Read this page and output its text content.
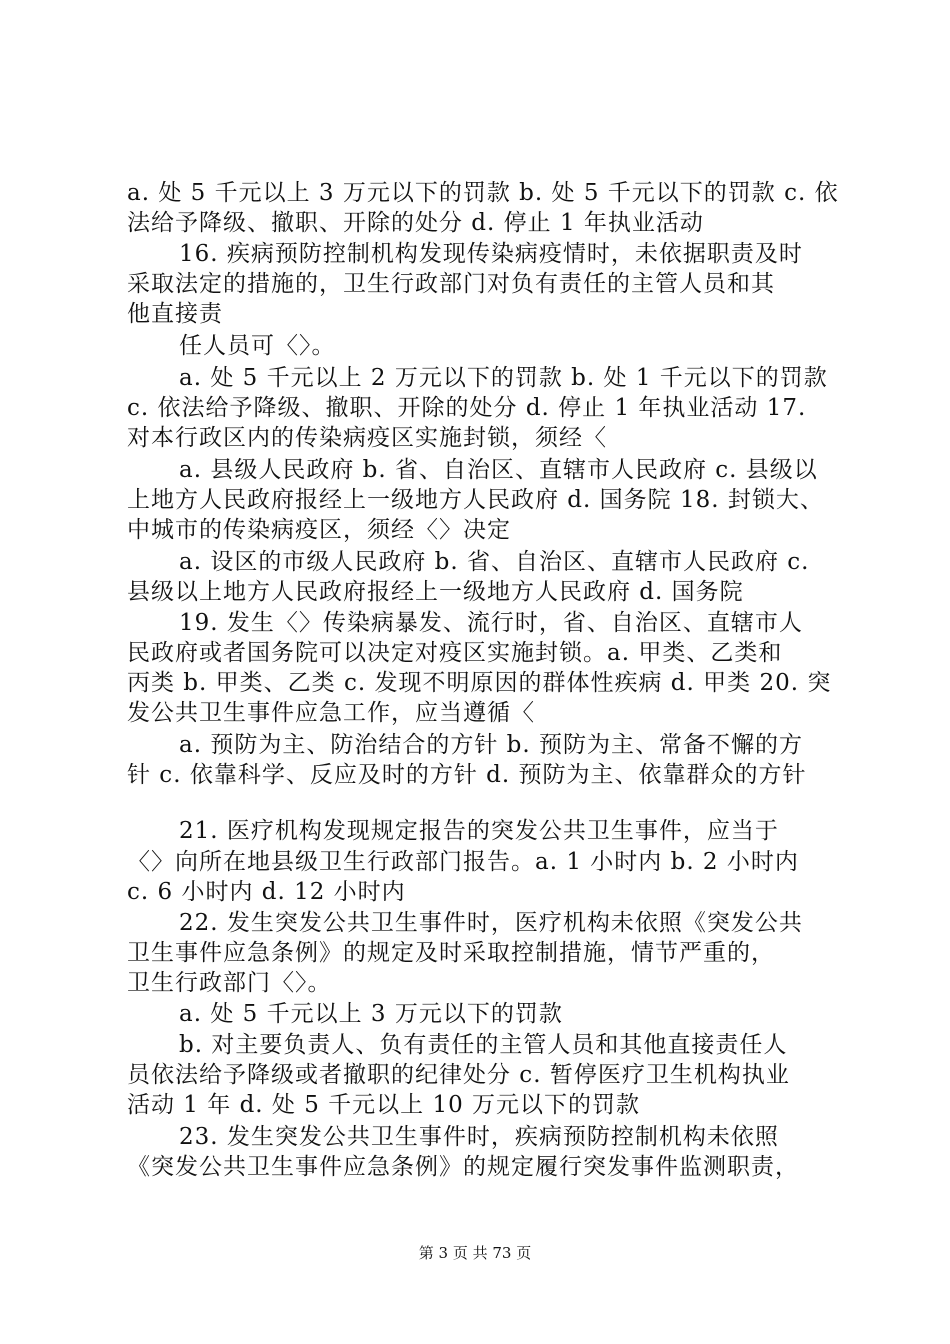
a. 处 5 千元以上 3 万元以下的罚款 b. 处 5 千元以下的罚款 c. 依
法给予降级、撤职、开除的处分 d. 停止 1 年执业活动
16. 疾病预防控制机构发现传染病疫情时，未依据职责及时
采取法定的措施的，卫生行政部门对负有责任的主管人员和其
他直接责
任人员可〈〉。
a. 处 5 千元以上 2 万元以下的罚款 b. 处 1 千元以下的罚款
c. 依法给予降级、撤职、开除的处分 d. 停止 1 年执业活动 17.
对本行政区内的传染病疫区实施封锁，须经〈
a. 县级人民政府 b. 省、自治区、直辖市人民政府 c. 县级以
上地方人民政府报经上一级地方人民政府 d. 国务院 18. 封锁大、
中城市的传染病疫区，须经〈〉决定
a. 设区的市级人民政府 b. 省、自治区、直辖市人民政府 c.
县级以上地方人民政府报经上一级地方人民政府 d. 国务院
19. 发生〈〉传染病暴发、流行时，省、自治区、直辖市人
民政府或者国务院可以决定对疫区实施封锁。a. 甲类、乙类和
丙类 b. 甲类、乙类 c. 发现不明原因的群体性疾病 d. 甲类 20. 突
发公共卫生事件应急工作，应当遵循〈
a. 预防为主、防治结合的方针 b. 预防为主、常备不懈的方
针 c. 依靠科学、反应及时的方针 d. 预防为主、依靠群众的方针
21. 医疗机构发现规定报告的突发公共卫生事件，应当于
〈〉向所在地县级卫生行政部门报告。a. 1 小时内 b. 2 小时内
c. 6 小时内 d. 12 小时内
22. 发生突发公共卫生事件时，医疗机构未依照《突发公共
卫生事件应急条例》的规定及时采取控制措施，情节严重的，
卫生行政部门〈〉。
a. 处 5 千元以上 3 万元以下的罚款
b. 对主要负责人、负有责任的主管人员和其他直接责任人
员依法给予降级或者撤职的纪律处分 c. 暂停医疗卫生机构执业
活动 1 年 d. 处 5 千元以上 10 万元以下的罚款
23. 发生突发公共卫生事件时，疾病预防控制机构未依照
《突发公共卫生事件应急条例》的规定履行突发事件监测职责，
第 3 页 共 73 页
